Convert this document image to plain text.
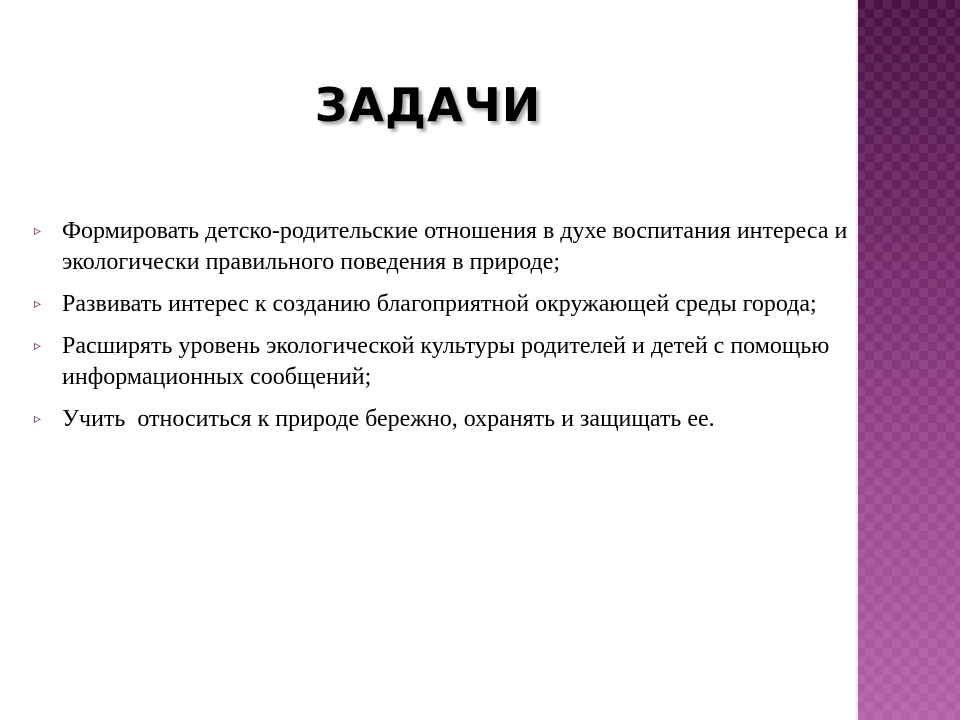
ЗАДАЧИ
▹ Формировать детско-родительские отношения в духе воспитания интереса и экологически правильного поведения в природе;
▹ Развивать интерес к созданию благоприятной окружающей среды города;
▹ Расширять уровень экологической культуры родителей и детей с помощью информационных сообщений;
▹ Учить  относиться к природе бережно, охранять и защищать ее.
